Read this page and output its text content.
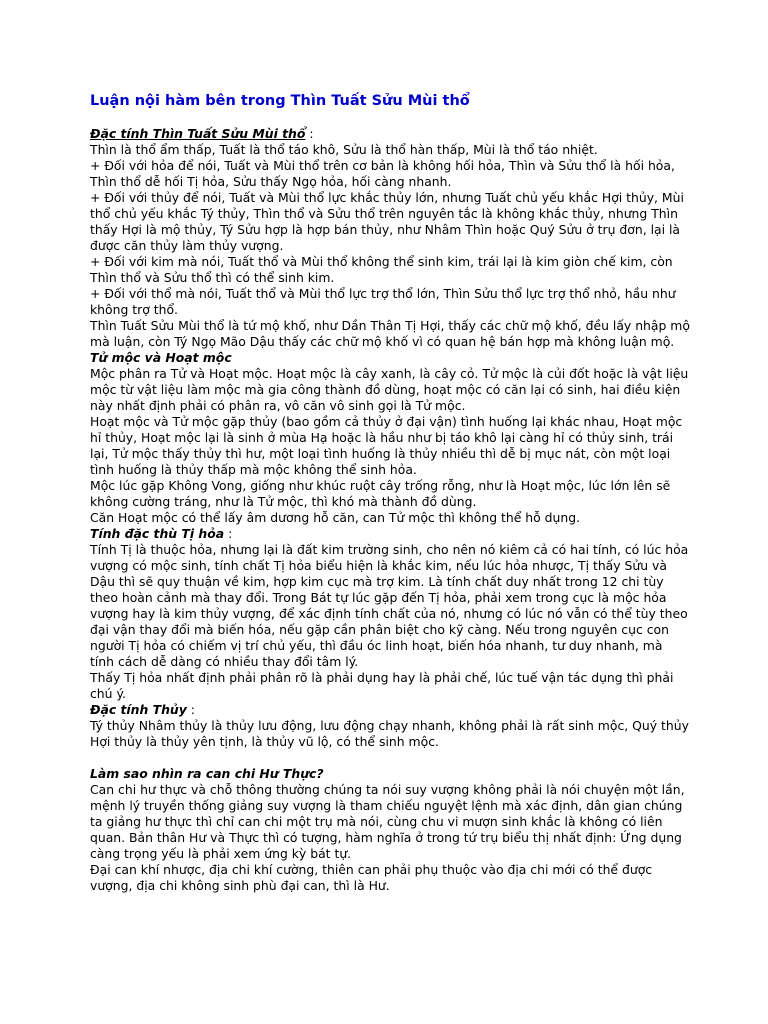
Luận nội hàm bên trong Thìn Tuất Sửu Mùi thổ

Đặc tính Thìn Tuất Sửu Mùi thổ :

Thìn là thổ ẩm thấp, Tuất là thổ táo khô, Sửu là thổ hàn thấp, Mùi là thổ táo nhiệt.

+ Đối với hỏa để nói, Tuất và Mùi thổ trên cơ bản là không hối hỏa, Thìn và Sửu thổ là hối hỏa, Thìn thổ dễ hối Tị hỏa, Sửu thấy Ngọ hỏa, hối càng nhanh.

+ Đối với thủy để nói, Tuất và Mùi thổ lực khắc thủy lớn, nhưng Tuất chủ yếu khắc Hợi thủy, Mùi thổ chủ yếu khắc Tý thủy, Thìn thổ và Sửu thổ trên nguyên tắc là không khắc thủy, nhưng Thìn thấy Hợi là mộ thủy, Tý Sửu hợp là hợp bán thủy, như Nhâm Thìn hoặc Quý Sửu ở trụ đơn, lại là được căn thủy làm thủy vượng.

+ Đối với kim mà nói, Tuất thổ và Mùi thổ không thể sinh kim, trái lại là kim giòn chế kim, còn Thìn thổ và Sửu thổ thì có thể sinh kim.

+ Đối với thổ mà nói, Tuất thổ và Mùi thổ lực trợ thổ lớn, Thìn Sửu thổ lực trợ thổ nhỏ, hầu như không trợ thổ.

Thìn Tuất Sửu Mùi thổ là tứ mộ khố, như Dần Thân Tị Hợi, thấy các chữ mộ khố, đều lấy nhập mộ mà luận, còn Tý Ngọ Mão Dậu thấy các chữ mộ khố vì có quan hệ bán hợp mà không luận mộ.

Tử mộc và Hoạt mộc

Mộc phân ra Tử và Hoạt mộc. Hoạt mộc là cây xanh, là cây cỏ. Tử mộc là củi đốt hoặc là vật liệu mộc từ vật liệu làm mộc mà gia công thành đồ dùng, hoạt mộc có căn lại có sinh, hai điều kiện này nhất định phải có phân ra, vô căn vô sinh gọi là Tử mộc.

Hoạt mộc và Tử mộc gặp thủy (bao gồm cả thủy ở đại vận) tình huống lại khác nhau, Hoạt mộc hỉ thủy, Hoạt mộc lại là sinh ở mùa Hạ hoặc là hầu như bị táo khô lại càng hỉ có thủy sinh, trái lại, Tử mộc thấy thủy thì hư, một loại tình huống là thủy nhiều thì dễ bị mục nát, còn một loại tình huống là thủy thấp mà mộc không thể sinh hỏa.

Mộc lúc gặp Không Vong, giống như khúc ruột cây trống rỗng, như là Hoạt mộc, lúc lớn lên sẽ không cường tráng, như là Tử mộc, thì khó mà thành đồ dùng.

Căn Hoạt mộc có thể lấy âm dương hỗ căn, can Tử mộc thì không thể hỗ dụng.

Tính đặc thù Tị hỏa :

Tính Tị là thuộc hỏa, nhưng lại là đất kim trường sinh, cho nên nó kiêm cả có hai tính, có lúc hỏa vượng có mộc sinh, tính chất Tị hỏa biểu hiện là khắc kim, nếu lúc hỏa nhược, Tị thấy Sửu và Dậu thì sẽ quy thuận về kim, hợp kim cục mà trợ kim. Là tính chất duy nhất trong 12 chi tùy theo hoàn cảnh mà thay đổi. Trong Bát tự lúc gặp đến Tị hỏa, phải xem trong cục là mộc hỏa vượng hay là kim thủy vượng, để xác định tính chất của nó, nhưng có lúc nó vẫn có thể tùy theo đại vận thay đổi mà biến hóa, nếu gặp cần phân biệt cho kỹ càng. Nếu trong nguyên cục con người Tị hỏa có chiếm vị trí chủ yếu, thì đầu óc linh hoạt, biến hóa nhanh, tư duy nhanh, mà tính cách dễ dàng có nhiều thay đổi tâm lý.

Thấy Tị hỏa nhất định phải phân rõ là phải dụng hay là phải chế, lúc tuế vận tác dụng thì phải chú ý.

Đặc tính Thủy :

Tý thủy Nhâm thủy là thủy lưu động, lưu động chạy nhanh, không phải là rất sinh mộc, Quý thủy Hợi thủy là thủy yên tịnh, là thủy vũ lộ, có thể sinh mộc.

Làm sao nhìn ra can chi Hư Thực?

Can chi hư thực và chỗ thông thường chúng ta nói suy vượng không phải là nói chuyện một lần, mệnh lý truyền thống giảng suy vượng là tham chiếu nguyệt lệnh mà xác định, dân gian chúng ta giảng hư thực thì chỉ can chi một trụ mà nói, cùng chu vi mượn sinh khắc là không có liên quan. Bản thân Hư và Thực thì có tượng, hàm nghĩa ở trong tứ trụ biểu thị nhất định: Ứng dụng càng trọng yếu là phải xem ứng kỳ bát tự.

Đại can khí nhược, địa chi khí cường, thiên can phải phụ thuộc vào địa chi mới có thể được vượng, địa chi không sinh phù đại can, thì là Hư.
